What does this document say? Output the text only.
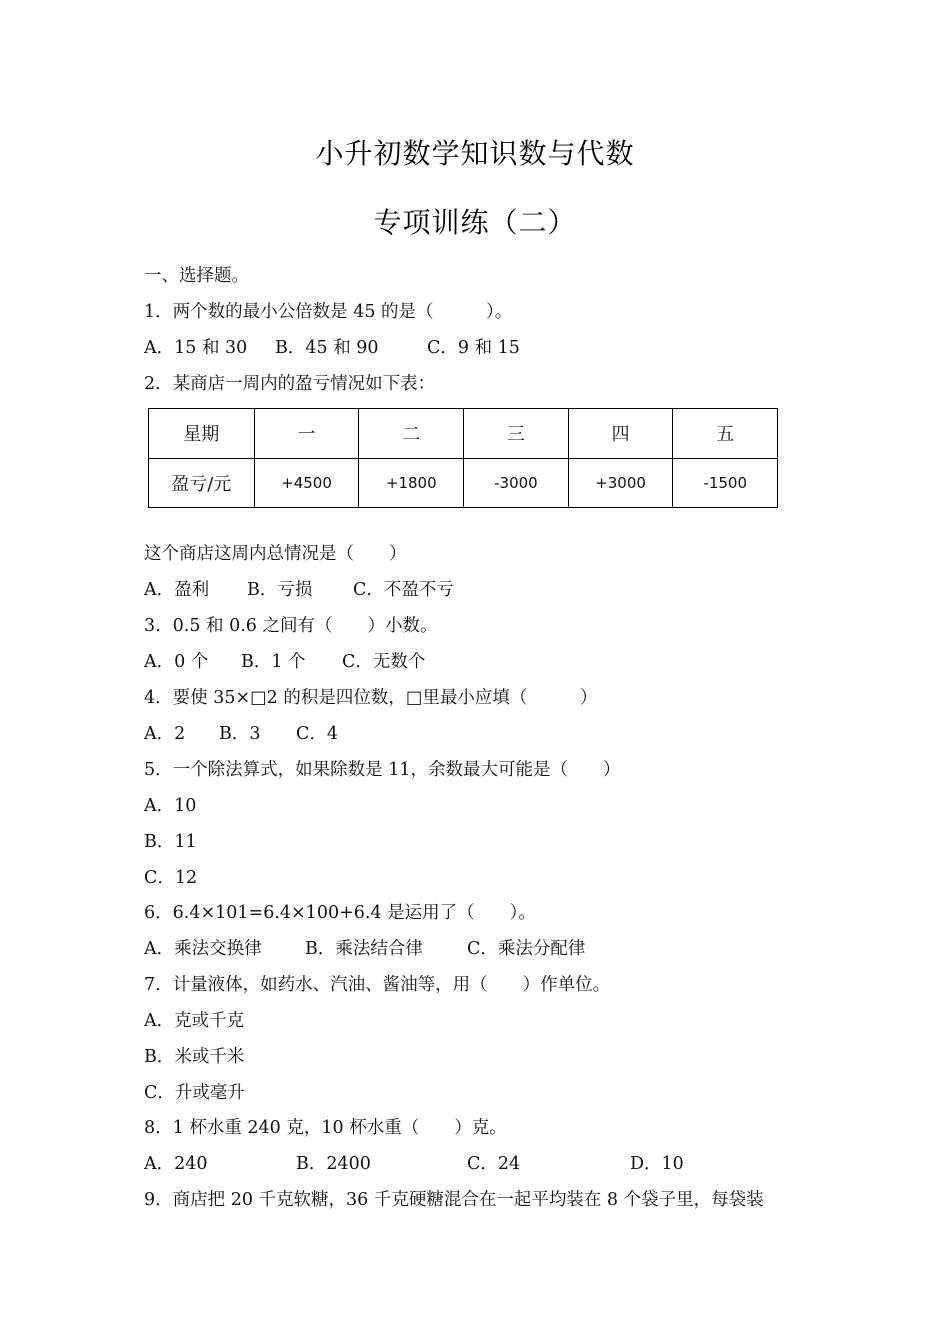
小升初数学知识数与代数
专项训练（二）
一、选择题。
1．两个数的最小公倍数是 45 的是（　　　）。
A．15 和 30 B．45 和 90	C．9 和 15
2．某商店一周内的盈亏情况如下表：
星期	一	二	三	四	五
盈亏/元	+4500	+1800	-3000	+3000	-1500
这个商店这周内总情况是（　　）
A．盈利 B．亏损 C．不盈不亏
3．0.5 和 0.6 之间有（　　）小数。
A．0 个 B．1 个 C．无数个
4．要使 35×□2 的积是四位数，□里最小应填（　　　）
A．2 B．3 C．4
5．一个除法算式，如果除数是 11，余数最大可能是（　　）
A．10
B．11
C．12
6．6.4×101=6.4×100+6.4 是运用了（　　）。
A．乘法交换律 B．乘法结合律	C．乘法分配律
7．计量液体，如药水、汽油、酱油等，用（　　）作单位。
A．克或千克
B．米或千米
C．升或毫升
8．1 杯水重 240 克，10 杯水重（　　）克。
A．240	B．2400	C．24	D．10
9．商店把 20 千克软糖，36 千克硬糖混合在一起平均装在 8 个袋子里，每袋装
